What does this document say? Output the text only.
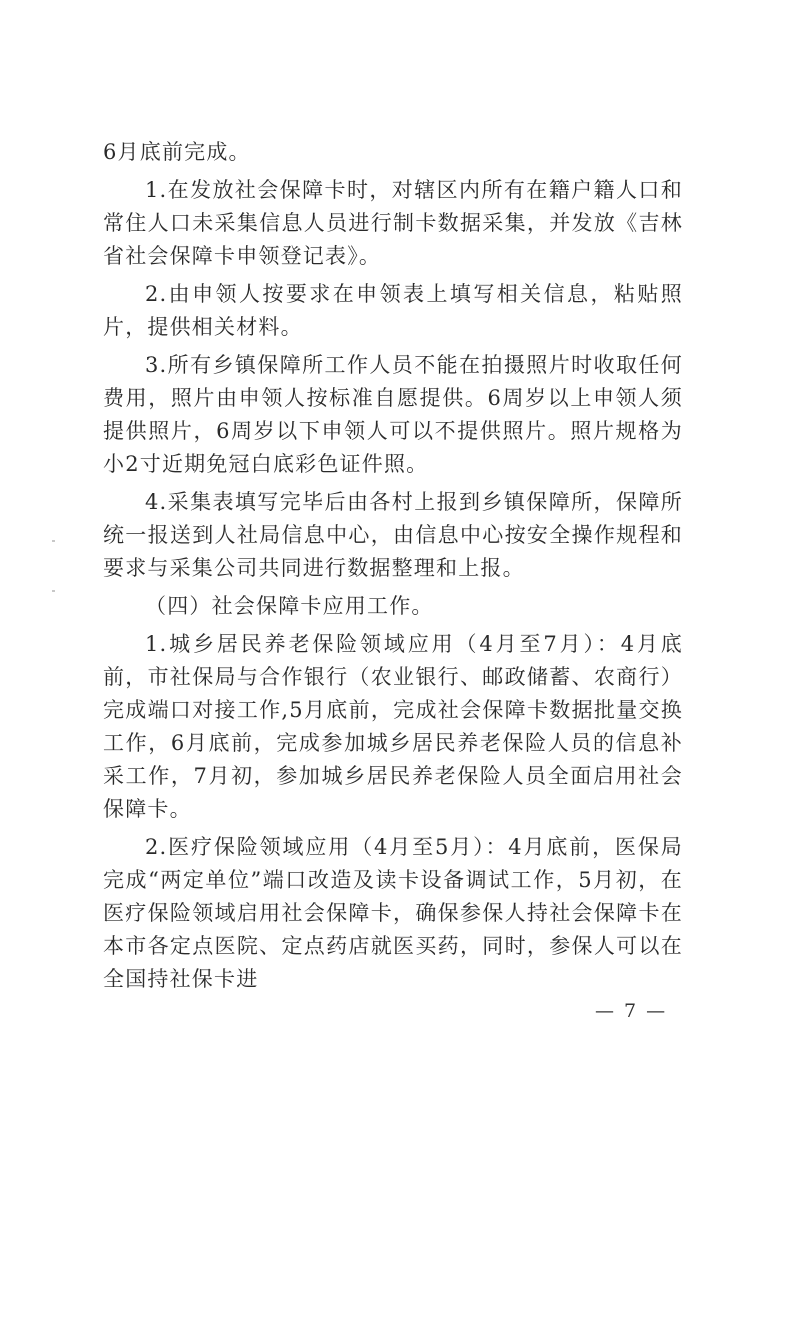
6月底前完成。

1.在发放社会保障卡时，对辖区内所有在籍户籍人口和常住人口未采集信息人员进行制卡数据采集，并发放《吉林省社会保障卡申领登记表》。

2.由申领人按要求在申领表上填写相关信息，粘贴照片，提供相关材料。

3.所有乡镇保障所工作人员不能在拍摄照片时收取任何费用，照片由申领人按标准自愿提供。6周岁以上申领人须提供照片，6周岁以下申领人可以不提供照片。照片规格为小2寸近期免冠白底彩色证件照。

4.采集表填写完毕后由各村上报到乡镇保障所，保障所统一报送到人社局信息中心，由信息中心按安全操作规程和要求与采集公司共同进行数据整理和上报。

（四）社会保障卡应用工作。

1.城乡居民养老保险领域应用（4月至7月）：4月底前，市社保局与合作银行（农业银行、邮政储蓄、农商行）完成端口对接工作,5月底前，完成社会保障卡数据批量交换工作，6月底前，完成参加城乡居民养老保险人员的信息补采工作，7月初，参加城乡居民养老保险人员全面启用社会保障卡。

2.医疗保险领域应用（4月至5月）：4月底前，医保局完成“两定单位”端口改造及读卡设备调试工作，5月初，在医疗保险领域启用社会保障卡，确保参保人持社会保障卡在本市各定点医院、定点药店就医买药，同时，参保人可以在全国持社保卡进

— 7 —
